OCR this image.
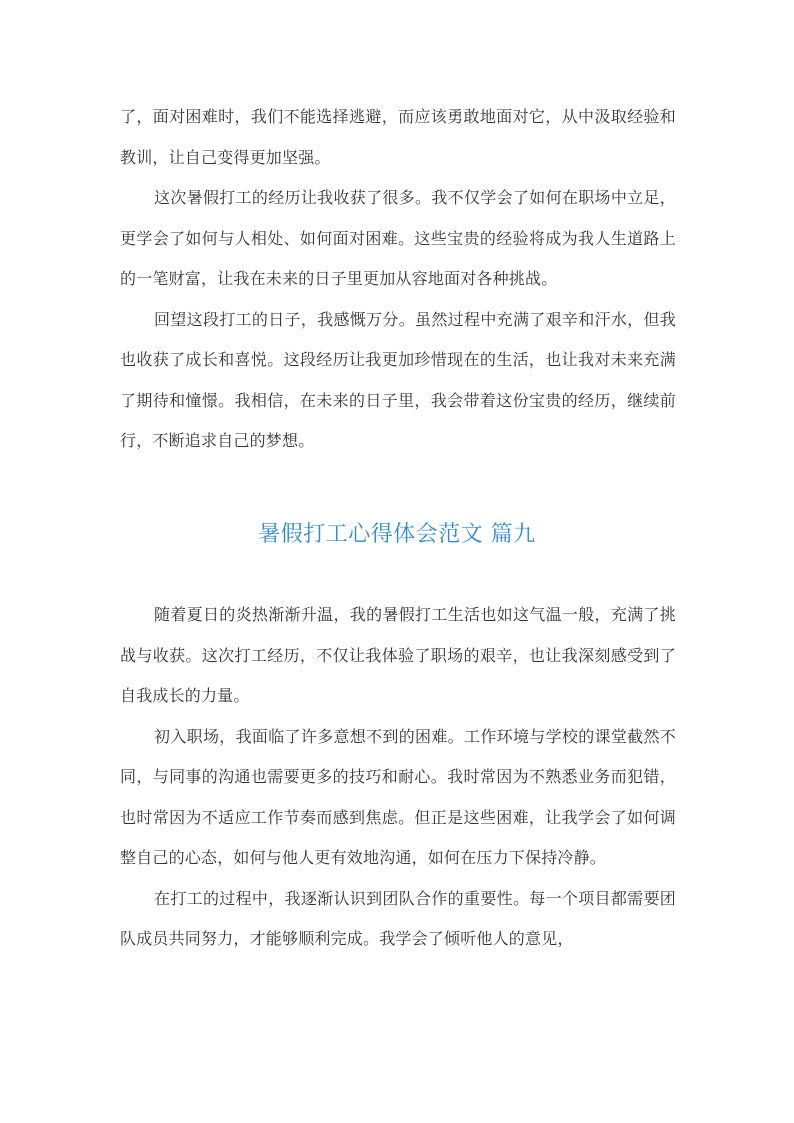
了，面对困难时，我们不能选择逃避，而应该勇敢地面对它，从中汲取经验和教训，让自己变得更加坚强。

这次暑假打工的经历让我收获了很多。我不仅学会了如何在职场中立足，更学会了如何与人相处、如何面对困难。这些宝贵的经验将成为我人生道路上的一笔财富，让我在未来的日子里更加从容地面对各种挑战。

回望这段打工的日子，我感慨万分。虽然过程中充满了艰辛和汗水，但我也收获了成长和喜悦。这段经历让我更加珍惜现在的生活，也让我对未来充满了期待和憧憬。我相信，在未来的日子里，我会带着这份宝贵的经历，继续前行，不断追求自己的梦想。

暑假打工心得体会范文 篇九

随着夏日的炎热渐渐升温，我的暑假打工生活也如这气温一般，充满了挑战与收获。这次打工经历，不仅让我体验了职场的艰辛，也让我深刻感受到了自我成长的力量。

初入职场，我面临了许多意想不到的困难。工作环境与学校的课堂截然不同，与同事的沟通也需要更多的技巧和耐心。我时常因为不熟悉业务而犯错，也时常因为不适应工作节奏而感到焦虑。但正是这些困难，让我学会了如何调整自己的心态，如何与他人更有效地沟通，如何在压力下保持冷静。

在打工的过程中，我逐渐认识到团队合作的重要性。每一个项目都需要团队成员共同努力，才能够顺利完成。我学会了倾听他人的意见，
